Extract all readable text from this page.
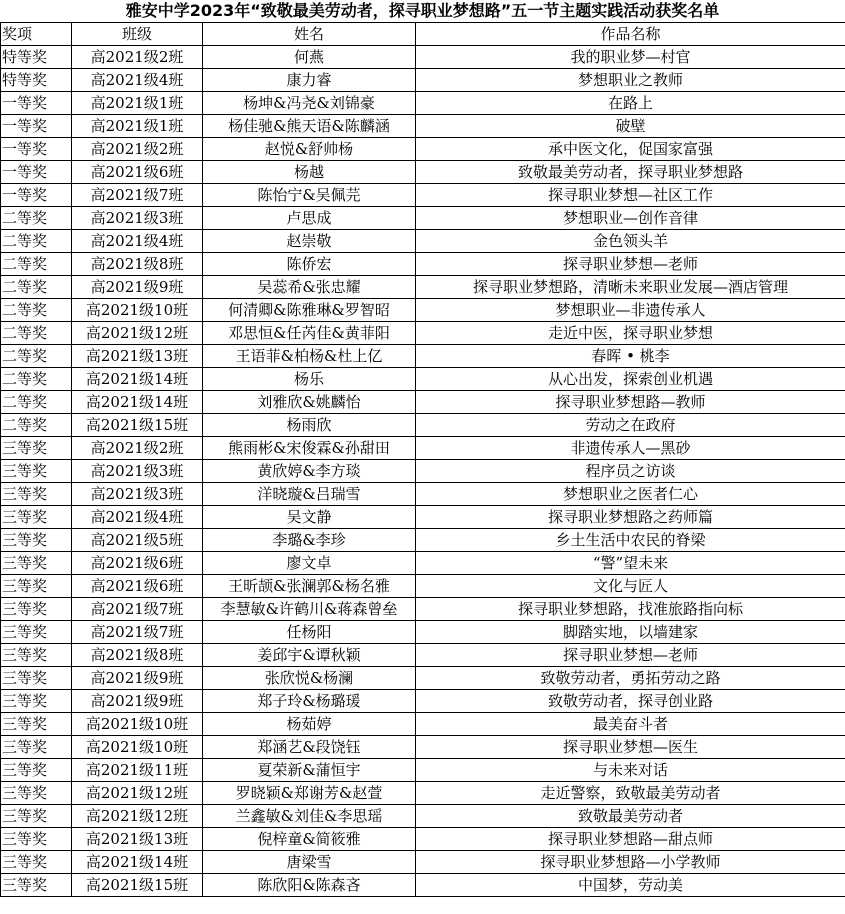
雅安中学2023年“致敬最美劳动者，探寻职业梦想路”五一节主题实践活动获奖名单
奖项	班级	姓名	作品名称
特等奖	高2021级2班	何燕	我的职业梦—村官
特等奖	高2021级4班	康力睿	梦想职业之教师
一等奖	高2021级1班	杨坤&冯尧&刘锦豪	在路上
一等奖	高2021级1班	杨佳驰&熊天语&陈麟涵	破壁
一等奖	高2021级2班	赵悦&舒帅杨	承中医文化，促国家富强
一等奖	高2021级6班	杨越	致敬最美劳动者，探寻职业梦想路
一等奖	高2021级7班	陈怡宁&吴佩芫	探寻职业梦想—社区工作
二等奖	高2021级3班	卢思成	梦想职业—创作音律
二等奖	高2021级4班	赵崇敬	金色领头羊
二等奖	高2021级8班	陈侨宏	探寻职业梦想—老师
二等奖	高2021级9班	吴蕊希&张忠耀	探寻职业梦想路，清晰未来职业发展—酒店管理
二等奖	高2021级10班	何清卿&陈雅琳&罗智昭	梦想职业—非遗传承人
二等奖	高2021级12班	邓思恒&任芮佳&黄菲阳	走近中医，探寻职业梦想
二等奖	高2021级13班	王语菲&柏杨&杜上亿	春晖 • 桃李
二等奖	高2021级14班	杨乐	从心出发，探索创业机遇
二等奖	高2021级14班	刘雅欣&姚麟怡	探寻职业梦想路—教师
二等奖	高2021级15班	杨雨欣	劳动之在政府
三等奖	高2021级2班	熊雨彬&宋俊霖&孙甜田	非遗传承人—黑砂
三等奖	高2021级3班	黄欣婷&李方琰	程序员之访谈
三等奖	高2021级3班	洋晓璇&吕瑞雪	梦想职业之医者仁心
三等奖	高2021级4班	吴文静	探寻职业梦想路之药师篇
三等奖	高2021级5班	李璐&李珍	乡土生活中农民的脊梁
三等奖	高2021级6班	廖文卓	“警”望未来
三等奖	高2021级6班	王昕颉&张澜郭&杨名雅	文化与匠人
三等奖	高2021级7班	李慧敏&许鹤川&蒋森曾垒	探寻职业梦想路，找准旅路指向标
三等奖	高2021级7班	任杨阳	脚踏实地，以墙建家
三等奖	高2021级8班	姜邱宇&谭秋颖	探寻职业梦想—老师
三等奖	高2021级9班	张欣悦&杨澜	致敬劳动者，勇拓劳动之路
三等奖	高2021级9班	郑子玲&杨璐瑗	致敬劳动者，探寻创业路
三等奖	高2021级10班	杨茹婷	最美奋斗者
三等奖	高2021级10班	郑涵艺&段饶钰	探寻职业梦想—医生
三等奖	高2021级11班	夏荣新&蒲恒宇	与未来对话
三等奖	高2021级12班	罗晓颖&郑谢芳&赵萱	走近警察，致敬最美劳动者
三等奖	高2021级12班	兰鑫敏&刘佳&李思瑶	致敬最美劳动者
三等奖	高2021级13班	倪梓童&简筱雅	探寻职业梦想路—甜点师
三等奖	高2021级14班	唐梁雪	探寻职业梦想路—小学教师
三等奖	高2021级15班	陈欣阳&陈森吝	中国梦，劳动美
